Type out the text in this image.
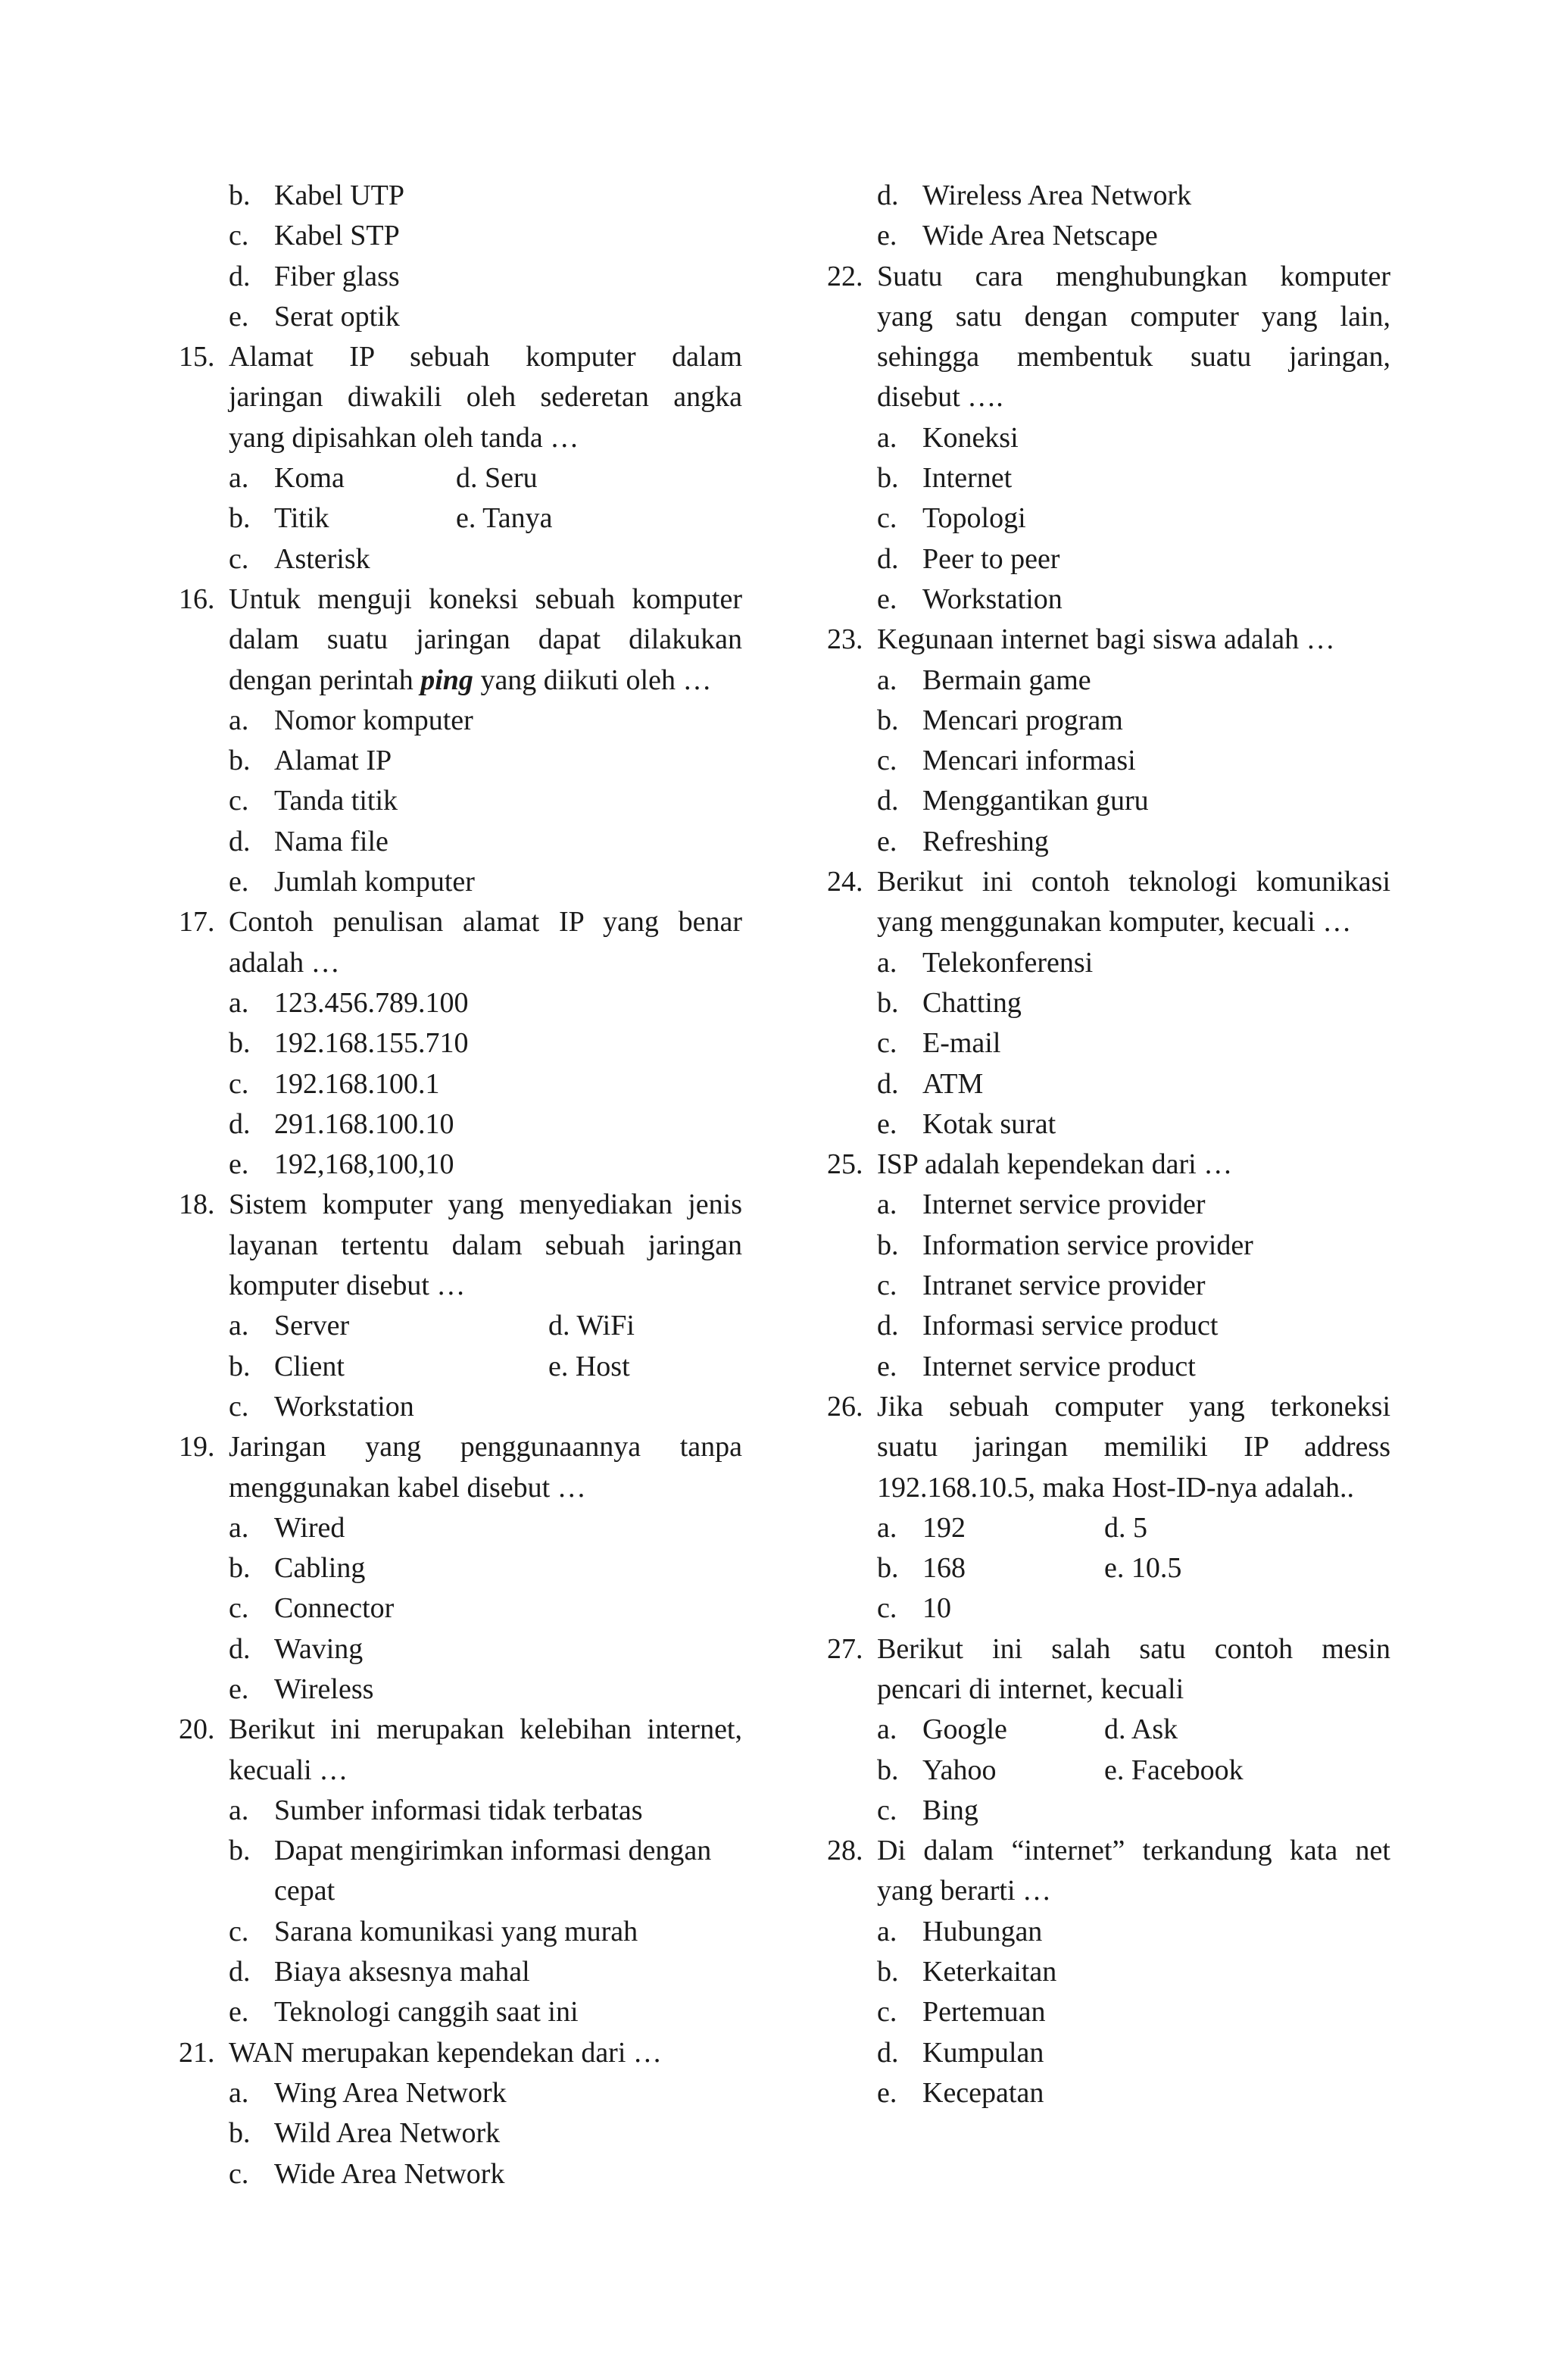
b. Kabel UTP
c. Kabel STP
d. Fiber glass
e. Serat optik
15. Alamat IP sebuah komputer dalam
jaringan diwakili oleh sederetan angka
yang dipisahkan oleh tanda …
a. Koma	d. Seru
b. Titik	e. Tanya
c. Asterisk
16. Untuk menguji koneksi sebuah komputer
dalam suatu jaringan dapat dilakukan
dengan perintah ping yang diikuti oleh …
a. Nomor komputer
b. Alamat IP
c. Tanda titik
d. Nama file
e. Jumlah komputer
17. Contoh penulisan alamat IP yang benar
adalah …
a. 123.456.789.100
b. 192.168.155.710
c. 192.168.100.1
d. 291.168.100.10
e. 192,168,100,10
18. Sistem komputer yang menyediakan jenis
layanan tertentu dalam sebuah jaringan
komputer disebut …
a. Server	d. WiFi
b. Client	e. Host
c. Workstation
19. Jaringan yang penggunaannya tanpa
menggunakan kabel disebut …
a. Wired
b. Cabling
c. Connector
d. Waving
e. Wireless
20. Berikut ini merupakan kelebihan internet,
kecuali …
a. Sumber informasi tidak terbatas
b. Dapat mengirimkan informasi dengan
cepat
c. Sarana komunikasi yang murah
d. Biaya aksesnya mahal
e. Teknologi canggih saat ini
21. WAN merupakan kependekan dari …
a. Wing Area Network
b. Wild Area Network
c. Wide Area Network
d. Wireless Area Network
e. Wide Area Netscape
22. Suatu cara menghubungkan komputer
yang satu dengan computer yang lain,
sehingga membentuk suatu jaringan,
disebut ….
a. Koneksi
b. Internet
c. Topologi
d. Peer to peer
e. Workstation
23. Kegunaan internet bagi siswa adalah …
a. Bermain game
b. Mencari program
c. Mencari informasi
d. Menggantikan guru
e. Refreshing
24. Berikut ini contoh teknologi komunikasi
yang menggunakan komputer, kecuali …
a. Telekonferensi
b. Chatting
c. E-mail
d. ATM
e. Kotak surat
25. ISP adalah kependekan dari …
a. Internet service provider
b. Information service provider
c. Intranet service provider
d. Informasi service product
e. Internet service product
26. Jika sebuah computer yang terkoneksi
suatu jaringan memiliki IP address
192.168.10.5, maka Host-ID-nya adalah..
a. 192	d. 5
b. 168	e. 10.5
c. 10
27. Berikut ini salah satu contoh mesin
pencari di internet, kecuali
a. Google	d. Ask
b. Yahoo	e. Facebook
c. Bing
28. Di dalam “internet” terkandung kata net
yang berarti …
a. Hubungan
b. Keterkaitan
c. Pertemuan
d. Kumpulan
e. Kecepatan
